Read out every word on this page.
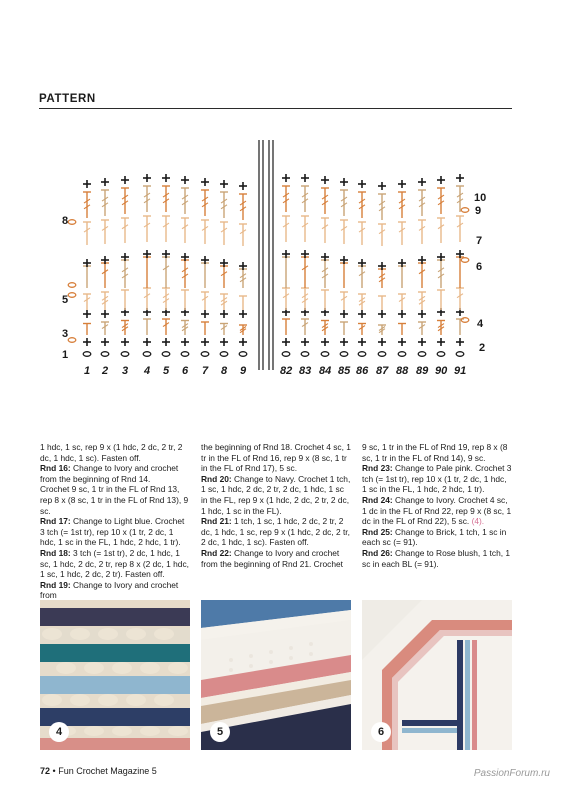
PATTERN
1 2 3 4 5 6 7 8 9	82 83 84 85 86 87 88 89 90 91
1
3
5
8
2
4
6
7
9
10

1 hdc, 1 sc, rep 9 x (1 hdc, 2 dc, 2 tr, 2 dc, 1 hdc, 1 sc). Fasten off.

Rnd 16: Change to Ivory and crochet from the beginning of Rnd 14.

Crochet 9 sc, 1 tr in the FL of Rnd 13, rep 8 x (8 sc, 1 tr in the FL of Rnd 13), 9 sc.

Rnd 17: Change to Light blue. Crochet 3 tch (= 1st tr), rep 10 x (1 tr, 2 dc, 1 hdc, 1 sc in the FL, 1 hdc, 2 hdc, 1 tr).

Rnd 18: 3 tch (= 1st tr), 2 dc, 1 hdc, 1 sc, 1 hdc, 2 dc, 2 tr, rep 8 x (2 dc, 1 hdc, 1 sc, 1 hdc, 2 dc, 2 tr). Fasten off.

Rnd 19: Change to Ivory and crochet from

the beginning of Rnd 18. Crochet 4 sc, 1 tr in the FL of Rnd 16, rep 9 x (8 sc, 1 tr in the FL of Rnd 17), 5 sc.

Rnd 20: Change to Navy. Crochet 1 tch, 1 sc, 1 hdc, 2 dc, 2 tr, 2 dc, 1 hdc, 1 sc in the FL, rep 9 x (1 hdc, 2 dc, 2 tr, 2 dc, 1 hdc, 1 sc in the FL).

Rnd 21: 1 tch, 1 sc, 1 hdc, 2 dc, 2 tr, 2 dc, 1 hdc, 1 sc, rep 9 x (1 hdc, 2 dc, 2 tr, 2 dc, 1 hdc, 1 sc). Fasten off.

Rnd 22: Change to Ivory and crochet from the beginning of Rnd 21. Crochet

9 sc, 1 tr in the FL of Rnd 19, rep 8 x (8 sc, 1 tr in the FL of Rnd 14), 9 sc.

Rnd 23: Change to Pale pink. Crochet 3 tch (= 1st tr), rep 10 x (1 tr, 2 dc, 1 hdc, 1 sc in the FL, 1 hdc, 2 hdc, 1 tr).

Rnd 24: Change to Ivory. Crochet 4 sc, 1 dc in the FL of Rnd 22, rep 9 x (8 sc, 1 dc in the FL of Rnd 22), 5 sc. (4).

Rnd 25: Change to Brick, 1 tch, 1 sc in each sc (= 91).

Rnd 26: Change to Rose blush, 1 tch, 1 sc in each BL (= 91).

4	5	6
72 • Fun Crochet Magazine 5	PassionForum.ru
